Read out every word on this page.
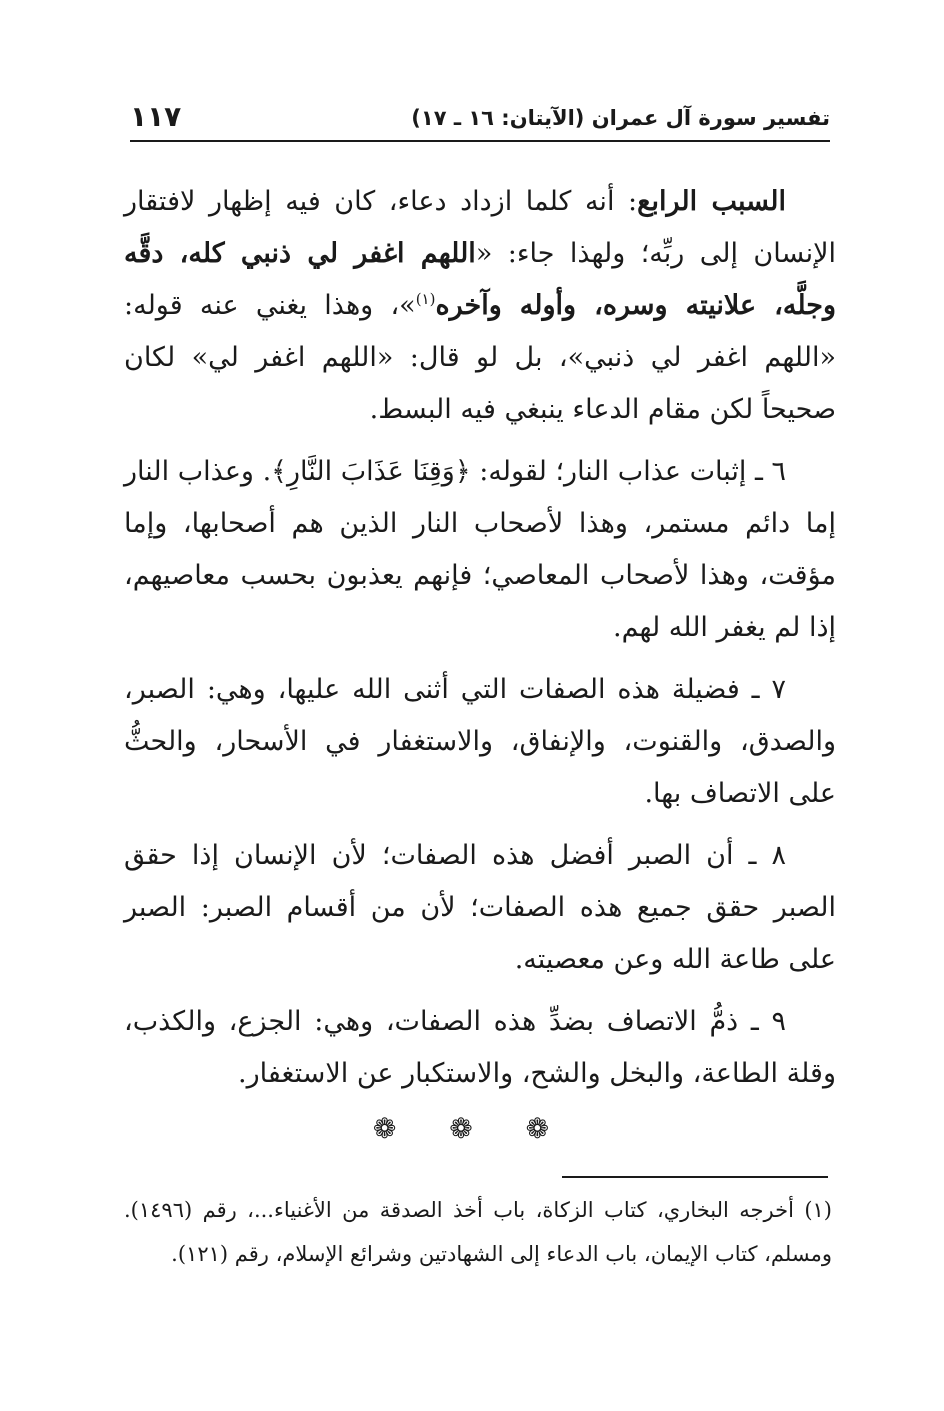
تفسير سورة آل عمران (الآيتان: ١٦ ـ ١٧)
١١٧

السبب الرابع: أنه كلما ازداد دعاء، كان فيه إظهار لافتقار الإنسان إلى ربِّه؛ ولهذا جاء: «اللهم اغفر لي ذنبي كله، دقَّه وجلَّه، علانيته وسره، وأوله وآخره$^{(١)}$»، وهذا يغني عنه قوله: «اللهم اغفر لي ذنبي»، بل لو قال: «اللهم اغفر لي» لكان صحيحاً لكن مقام الدعاء ينبغي فيه البسط.

٦ ـ إثبات عذاب النار؛ لقوله: ﴿وَقِنَا عَذَابَ النَّارِ﴾. وعذاب النار إما دائم مستمر، وهذا لأصحاب النار الذين هم أصحابها، وإما مؤقت، وهذا لأصحاب المعاصي؛ فإنهم يعذبون بحسب معاصيهم، إذا لم يغفر الله لهم.

٧ ـ فضيلة هذه الصفات التي أثنى الله عليها، وهي: الصبر، والصدق، والقنوت، والإنفاق، والاستغفار في الأسحار، والحثُّ على الاتصاف بها.

٨ ـ أن الصبر أفضل هذه الصفات؛ لأن الإنسان إذا حقق الصبر حقق جميع هذه الصفات؛ لأن من أقسام الصبر: الصبر على طاعة الله وعن معصيته.

٩ ـ ذمُّ الاتصاف بضدِّ هذه الصفات، وهي: الجزع، والكذب، وقلة الطاعة، والبخل والشح، والاستكبار عن الاستغفار.

❁ ❁ ❁

(١) أخرجه البخاري، كتاب الزكاة، باب أخذ الصدقة من الأغنياء...، رقم (١٤٩٦). ومسلم، كتاب الإيمان، باب الدعاء إلى الشهادتين وشرائع الإسلام، رقم (١٢١).
